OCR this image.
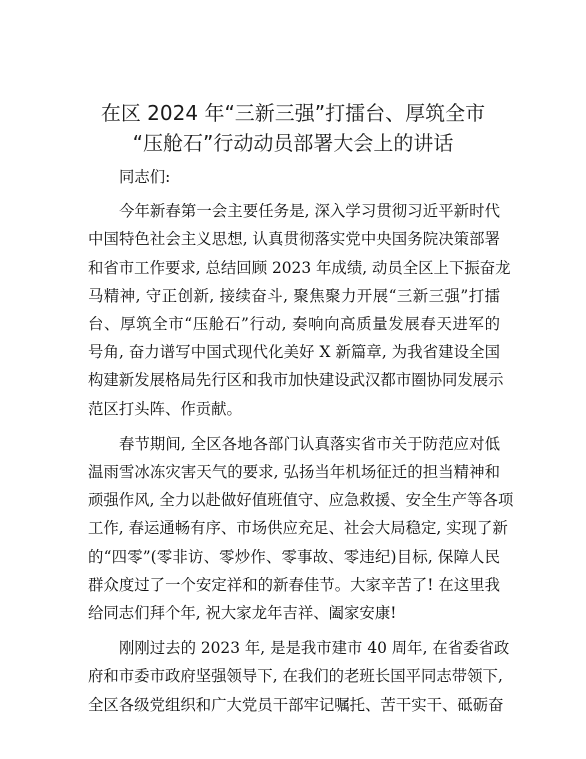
在区 2024 年“三新三强”打擂台、厚筑全市
“压舱石”行动动员部署大会上的讲话

同志们:

今年新春第一会主要任务是, 深入学习贯彻习近平新时代
中国特色社会主义思想, 认真贯彻落实党中央国务院决策部署
和省市工作要求, 总结回顾 2023 年成绩, 动员全区上下振奋龙
马精神, 守正创新, 接续奋斗, 聚焦聚力开展“三新三强”打擂
台、厚筑全市“压舱石”行动, 奏响向高质量发展春天进军的
号角, 奋力谱写中国式现代化美好 X 新篇章, 为我省建设全国
构建新发展格局先行区和我市加快建设武汉都市圈协同发展示
范区打头阵、作贡献。

春节期间, 全区各地各部门认真落实省市关于防范应对低
温雨雪冰冻灾害天气的要求, 弘扬当年机场征迁的担当精神和
顽强作风, 全力以赴做好值班值守、应急救援、安全生产等各项
工作, 春运通畅有序、市场供应充足、社会大局稳定, 实现了新
的“四零”(零非访、零炒作、零事故、零违纪)目标, 保障人民
群众度过了一个安定祥和的新春佳节。大家辛苦了! 在这里我
给同志们拜个年, 祝大家龙年吉祥、阖家安康!

刚刚过去的 2023 年, 是是我市建市 40 周年, 在省委省政
府和市委市政府坚强领导下, 在我们的老班长国平同志带领下,
全区各级党组织和广大党员干部牢记嘱托、苦干实干、砥砺奋
